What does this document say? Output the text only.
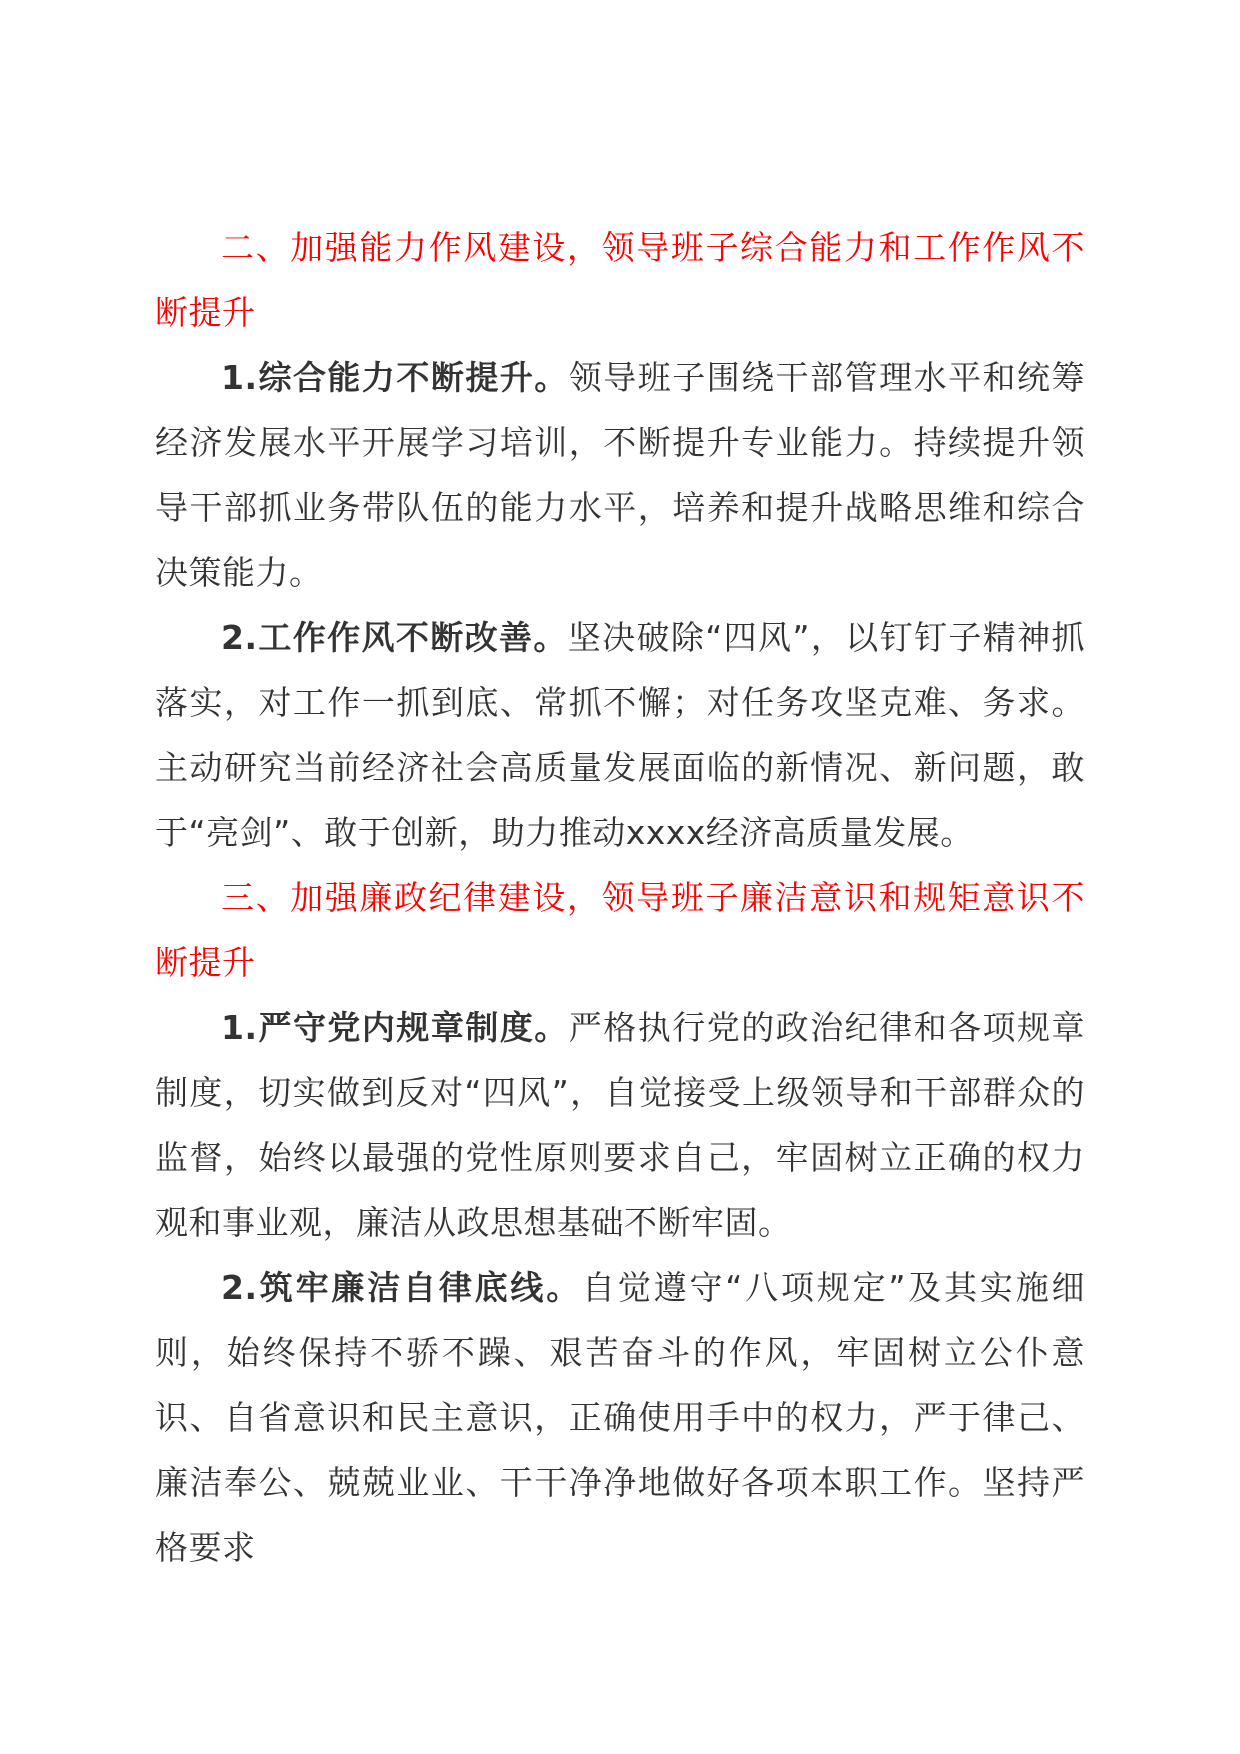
二、加强能力作风建设，领导班子综合能力和工作作风不断提升

1.综合能力不断提升。领导班子围绕干部管理水平和统筹经济发展水平开展学习培训，不断提升专业能力。持续提升领导干部抓业务带队伍的能力水平，培养和提升战略思维和综合决策能力。

2.工作作风不断改善。坚决破除“四风”，以钉钉子精神抓落实，对工作一抓到底、常抓不懈；对任务攻坚克难、务求。主动研究当前经济社会高质量发展面临的新情况、新问题，敢于“亮剑”、敢于创新，助力推动xxxx经济高质量发展。

三、加强廉政纪律建设，领导班子廉洁意识和规矩意识不断提升

1.严守党内规章制度。严格执行党的政治纪律和各项规章制度，切实做到反对“四风”，自觉接受上级领导和干部群众的监督，始终以最强的党性原则要求自己，牢固树立正确的权力观和事业观，廉洁从政思想基础不断牢固。

2.筑牢廉洁自律底线。自觉遵守“八项规定”及其实施细则，始终保持不骄不躁、艰苦奋斗的作风，牢固树立公仆意识、自省意识和民主意识，正确使用手中的权力，严于律己、廉洁奉公、兢兢业业、干干净净地做好各项本职工作。坚持严格要求
